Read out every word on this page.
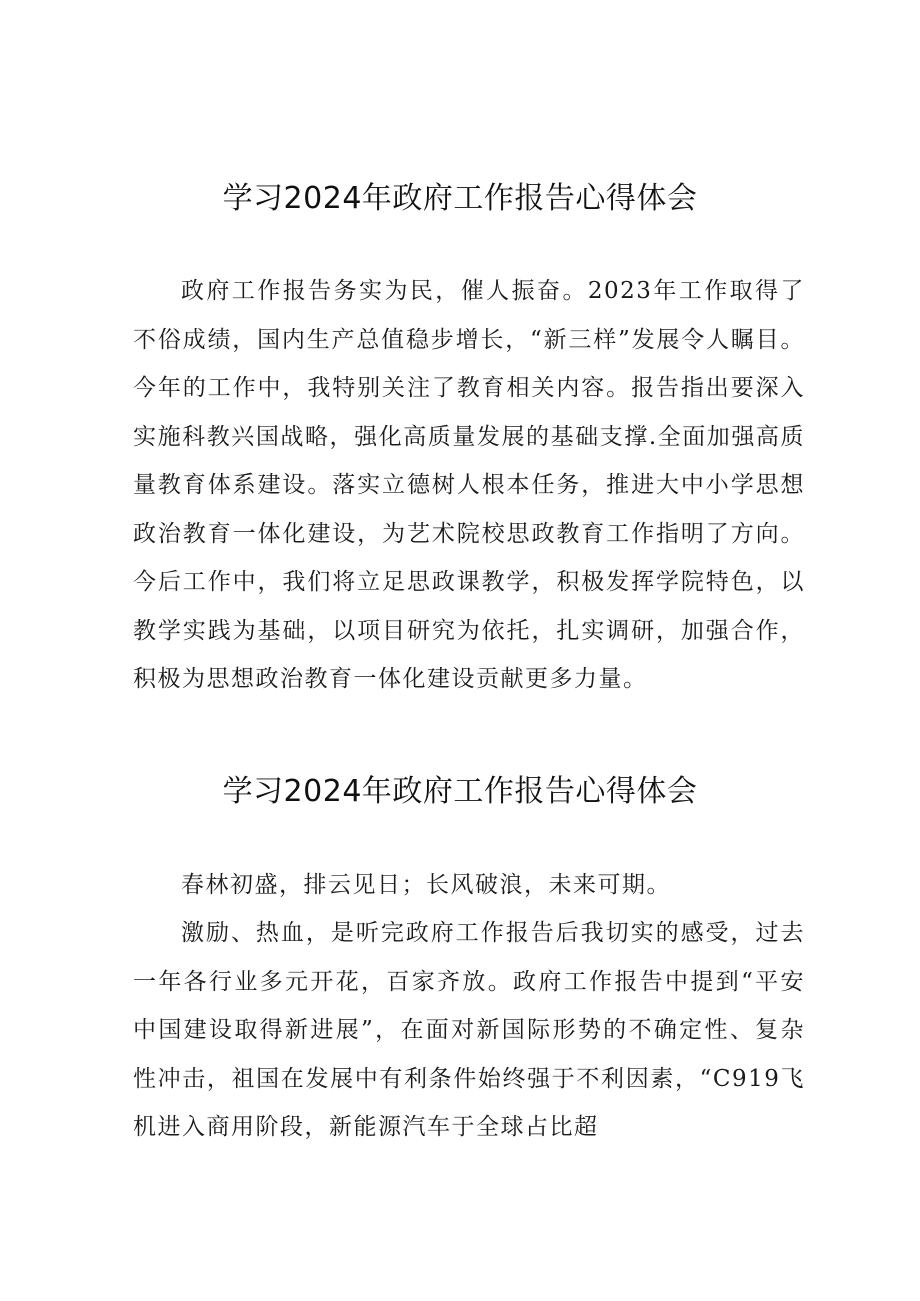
学习2024年政府工作报告心得体会

政府工作报告务实为民，催人振奋。2023年工作取得了不俗成绩，国内生产总值稳步增长，“新三样”发展令人瞩目。今年的工作中，我特别关注了教育相关内容。报告指出要深入实施科教兴国战略，强化高质量发展的基础支撑.全面加强高质量教育体系建设。落实立德树人根本任务，推进大中小学思想政治教育一体化建设，为艺术院校思政教育工作指明了方向。今后工作中，我们将立足思政课教学，积极发挥学院特色，以教学实践为基础，以项目研究为依托，扎实调研，加强合作，积极为思想政治教育一体化建设贡献更多力量。

学习2024年政府工作报告心得体会

春林初盛，排云见日；长风破浪，未来可期。

激励、热血，是听完政府工作报告后我切实的感受，过去一年各行业多元开花，百家齐放。政府工作报告中提到“平安中国建设取得新进展”，在面对新国际形势的不确定性、复杂性冲击，祖国在发展中有利条件始终强于不利因素，“C919飞机进入商用阶段，新能源汽车于全球占比超
